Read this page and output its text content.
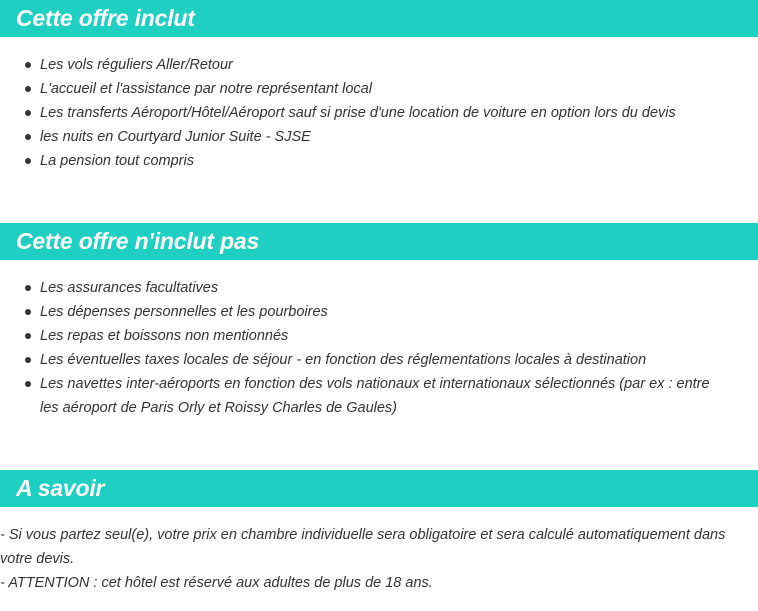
Cette offre inclut
Les vols réguliers Aller/Retour
L'accueil et l'assistance par notre représentant local
Les transferts Aéroport/Hôtel/Aéroport sauf si prise d'une location de voiture en option lors du devis
les nuits en Courtyard Junior Suite - SJSE
La pension tout compris
Cette offre n'inclut pas
Les assurances facultatives
Les dépenses personnelles et les pourboires
Les repas et boissons non mentionnés
Les éventuelles taxes locales de séjour - en fonction des réglementations locales à destination
Les navettes inter-aéroports en fonction des vols nationaux et internationaux sélectionnés (par ex : entre les aéroport de Paris Orly et Roissy Charles de Gaules)
A savoir

- Si vous partez seul(e), votre prix en chambre individuelle sera obligatoire et sera calculé automatiquement dans votre devis.

- ATTENTION : cet hôtel est réservé aux adultes de plus de 18 ans.
